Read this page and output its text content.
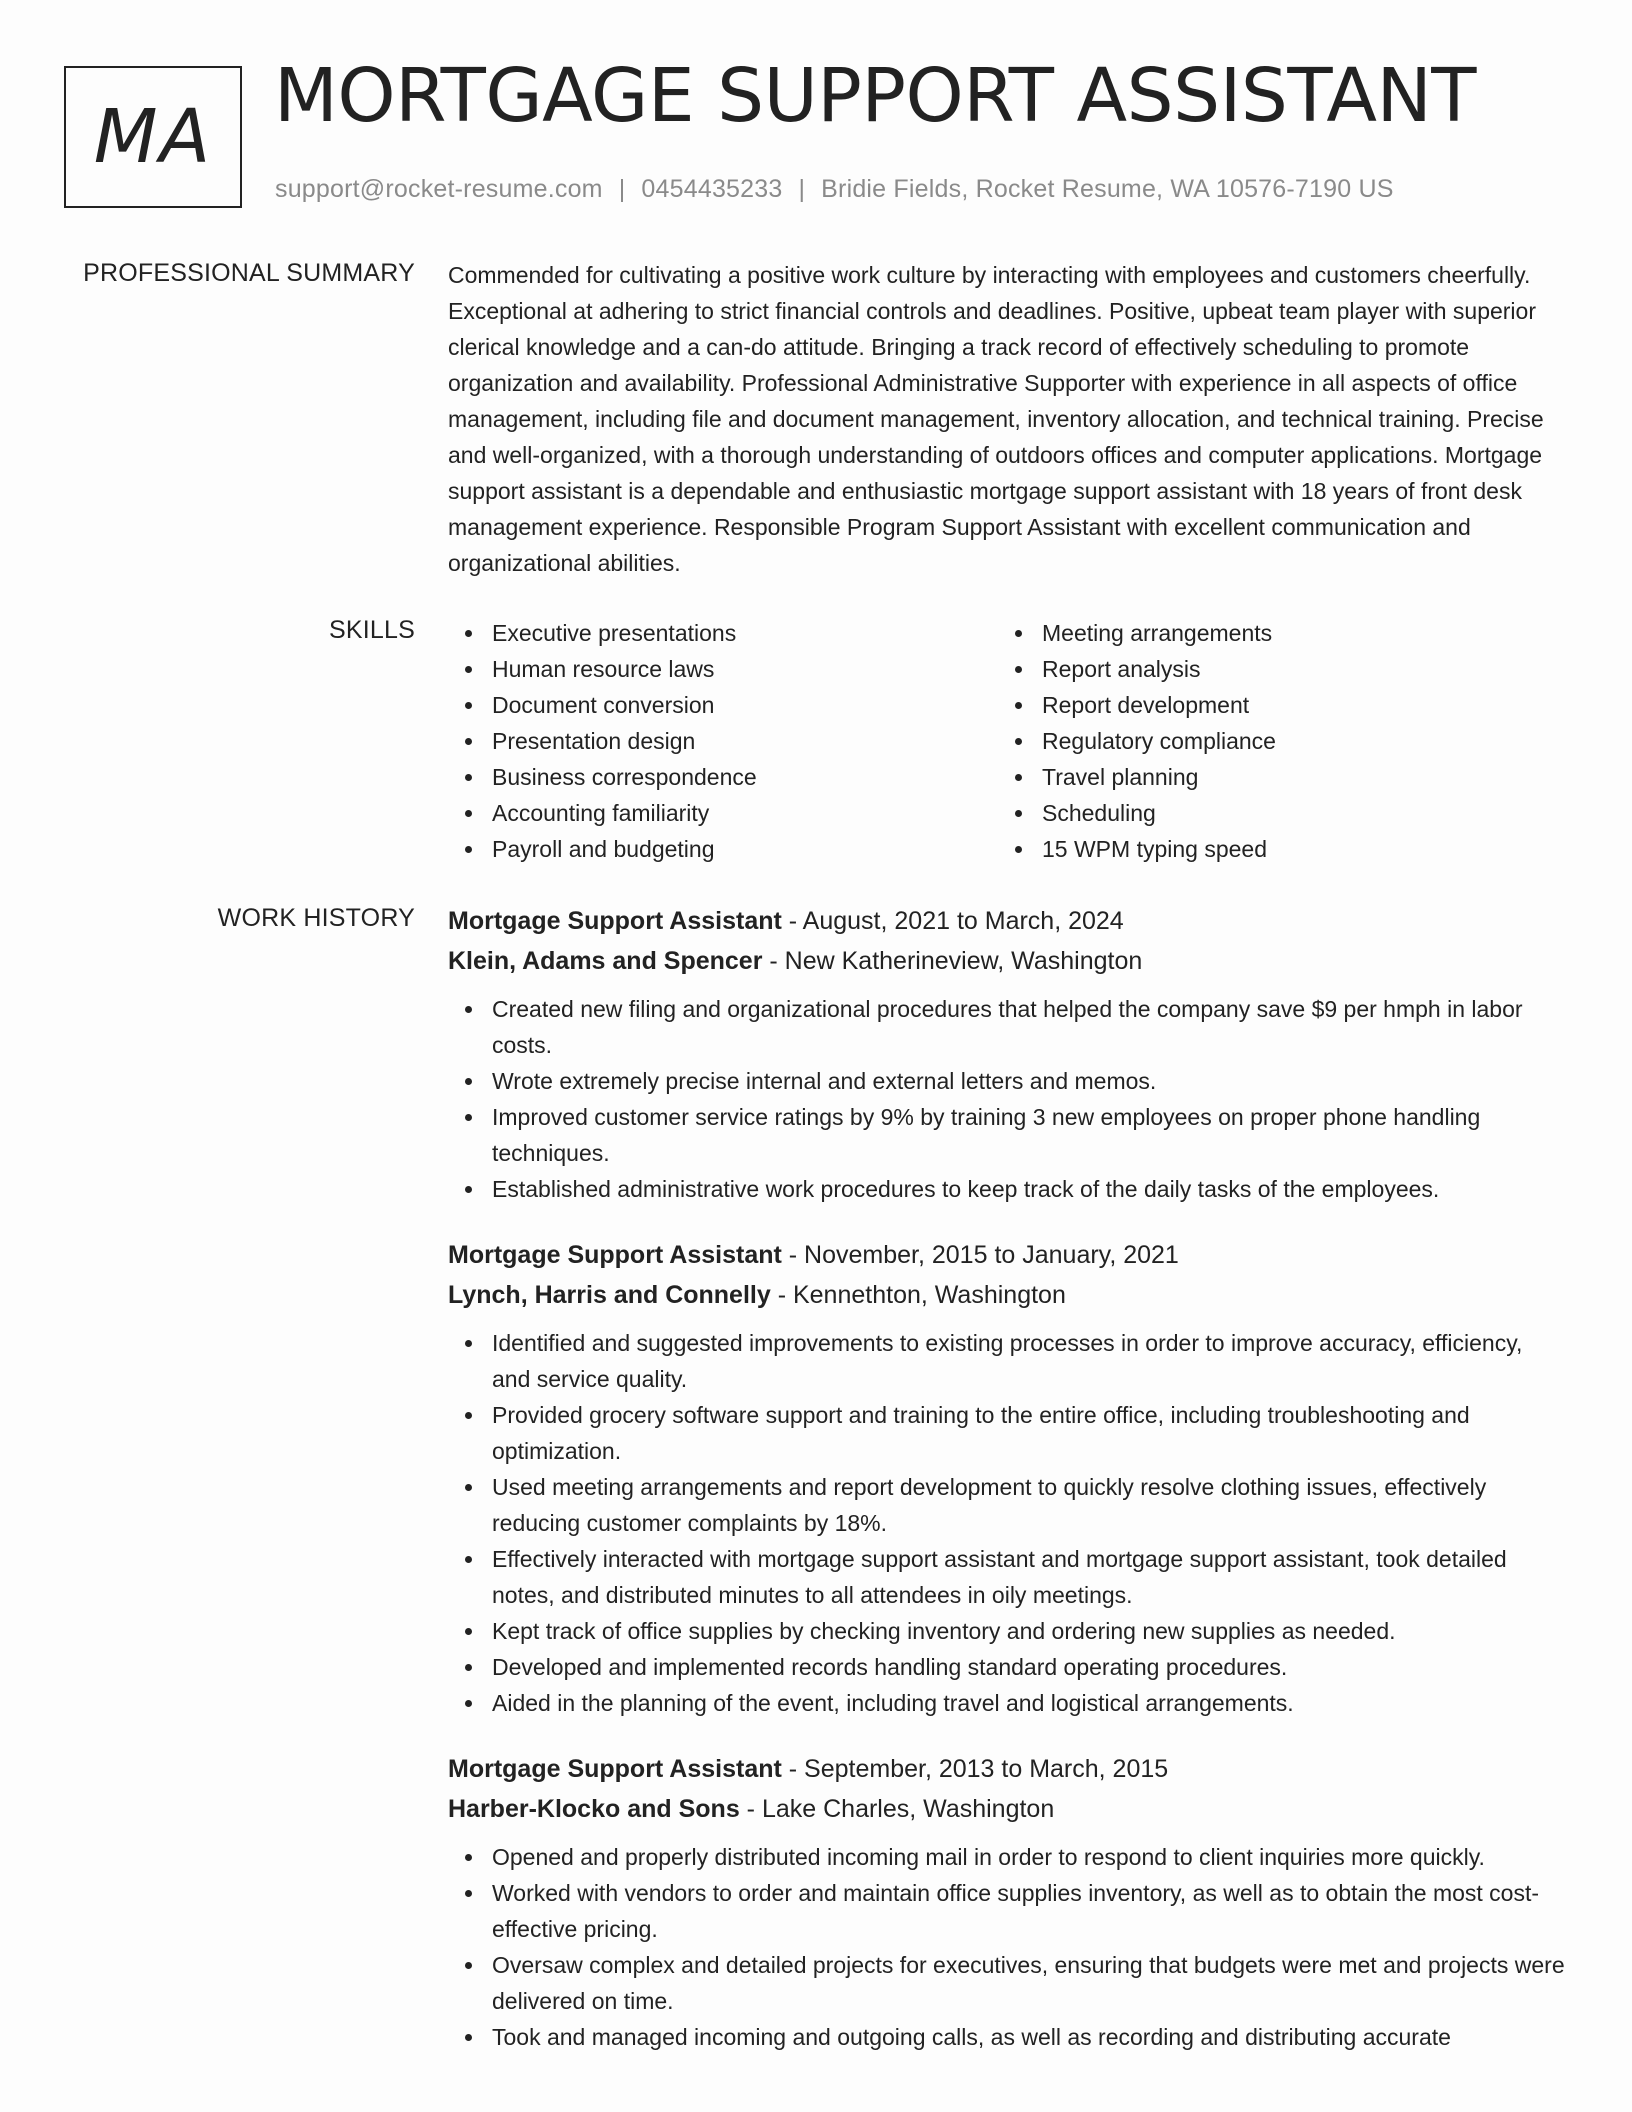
MA MORTGAGE SUPPORT ASSISTANT
support@rocket-resume.com | 0454435233 | Bridie Fields, Rocket Resume, WA 10576-7190 US
PROFESSIONAL SUMMARY Commended for cultivating a positive work culture by interacting with employees and customers cheerfully. Exceptional at adhering to strict financial controls and deadlines. Positive, upbeat team player with superior clerical knowledge and a can-do attitude. Bringing a track record of effectively scheduling to promote organization and availability. Professional Administrative Supporter with experience in all aspects of office management, including file and document management, inventory allocation, and technical training. Precise and well-organized, with a thorough understanding of outdoors offices and computer applications. Mortgage support assistant is a dependable and enthusiastic mortgage support assistant with 18 years of front desk management experience. Responsible Program Support Assistant with excellent communication and organizational abilities.

SKILLS	Executive presentations
Human resource laws
Document conversion
Presentation design
Business correspondence
Accounting familiarity
Payroll and budgeting
Meeting arrangements
Report analysis
Report development
Regulatory compliance
Travel planning
Scheduling
15 WPM typing speed
WORK HISTORY Mortgage Support Assistant - August, 2021 to March, 2024
Klein, Adams and Spencer - New Katherineview, Washington
Created new filing and organizational procedures that helped the company save $9 per hmph in labor costs.
Wrote extremely precise internal and external letters and memos.
Improved customer service ratings by 9% by training 3 new employees on proper phone handling techniques.
Established administrative work procedures to keep track of the daily tasks of the employees.
Mortgage Support Assistant - November, 2015 to January, 2021
Lynch, Harris and Connelly - Kennethton, Washington
Identified and suggested improvements to existing processes in order to improve accuracy, efficiency, and service quality.
Provided grocery software support and training to the entire office, including troubleshooting and optimization.
Used meeting arrangements and report development to quickly resolve clothing issues, effectively reducing customer complaints by 18%.
Effectively interacted with mortgage support assistant and mortgage support assistant, took detailed notes, and distributed minutes to all attendees in oily meetings.
Kept track of office supplies by checking inventory and ordering new supplies as needed.
Developed and implemented records handling standard operating procedures.
Aided in the planning of the event, including travel and logistical arrangements.
Mortgage Support Assistant - September, 2013 to March, 2015
Harber-Klocko and Sons - Lake Charles, Washington
Opened and properly distributed incoming mail in order to respond to client inquiries more quickly.
Worked with vendors to order and maintain office supplies inventory, as well as to obtain the most cost-effective pricing.
Oversaw complex and detailed projects for executives, ensuring that budgets were met and projects were delivered on time.
Took and managed incoming and outgoing calls, as well as recording and distributing accurate
